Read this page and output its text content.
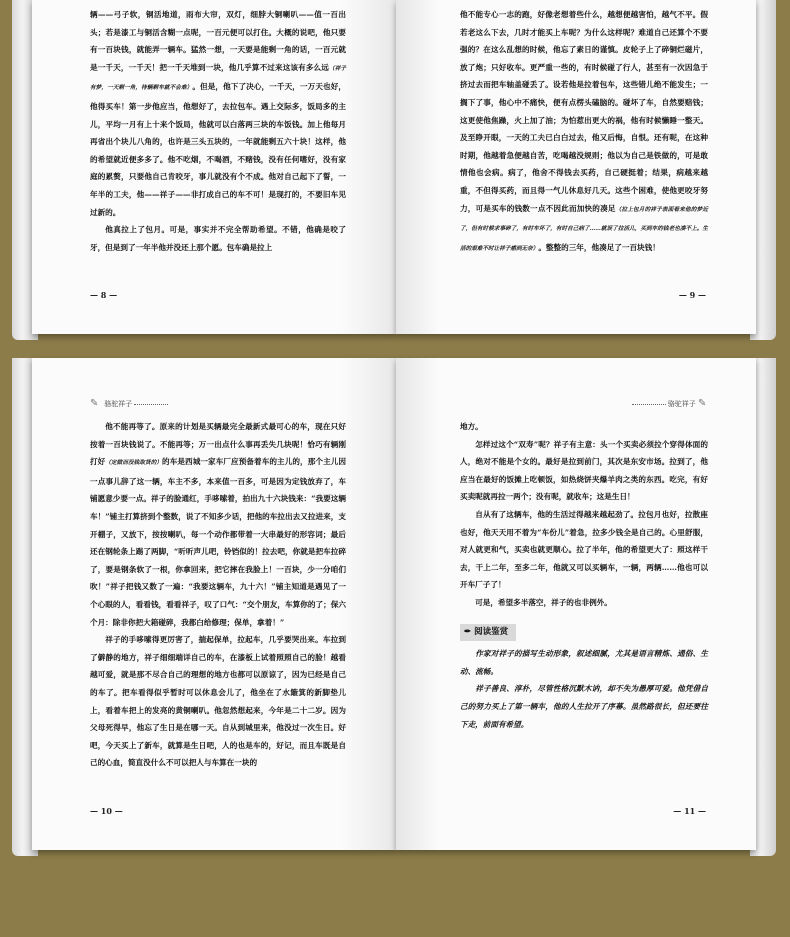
辆——弓子软，铜活地道，雨布大帘，双灯，细脖大铜喇叭——值一百出头；若是漆工与铜活含糊一点呢，一百元便可以打住。大概的说吧，他只要有一百块钱，就能弄一辆车。猛然一想，一天要是能剩一角的话，一百元就是一千天，一千天！把一千天堆到一块，他几乎算不过来这该有多么远（祥子有梦，一天剩一角，待辆剩车就不会难）。但是，他下了决心，一千天，一万天也好，他得买车！第一步他应当，他想好了，去拉包车。遇上交际多，饭局多的主儿，平均一月有上十来个饭局，他就可以白落两三块的车饭钱。加上他每月再省出个块儿八角的，也许是三头五块的，一年就能剩五六十块！这样，他的希望就近便多多了。他不吃烟，不喝酒，不赌钱，没有任何嗜好，没有家庭的累赘，只要他自己肯咬牙，事儿就没有个不成。他对自己起下了誓，一年半的工夫，他——祥子——非打成自己的车不可！是现打的，不要旧车见过新的。

他真拉上了包月。可是，事实并不完全帮助希望。不错，他确是咬了牙，但是到了一年半他并没还上那个愿。包车确是拉上

— 8 —

他不能专心一志的跑，好像老想着些什么，越想便越害怕，越气不平。假若老这么下去，几时才能买上车呢？为什么这样呢？难道自己还算个不要强的？在这么乱想的时候，他忘了素日的谨慎。皮轮子上了碎铜烂磁片，放了炮；只好收车。更严重一些的，有时候碰了行人，甚至有一次因急于挤过去而把车轴盖碰丢了。设若他是拉着包车，这些错儿绝不能发生；一搁下了事，他心中不痛快，便有点楞头磕脑的。碰坏了车，自然要赔钱；这更使他焦躁，火上加了油；为怕惹出更大的祸，他有时候懒睡一整天。及至睁开眼，一天的工夫已白白过去，他又后悔，自恨。还有呢，在这种时期，他越着急便越自苦，吃喝越没规则；他以为自己是铁做的，可是敢情他也会病。病了，他舍不得钱去买药，自己硬挺着；结果，病越来越重，不但得买药，而且得一气儿休息好几天。这些个困难，使他更咬牙努力，可是买车的钱数一点不因此而加快的凑足（拉上包月的祥子表面看来他的梦近了，但有时候求事碎了，有时车坏了，有时自己病了……就误了拉活儿，买到车的钱老也凑不上。生活的艰难不时让祥子感到无奈）。整整的三年，他凑足了一百块钱！

— 9 —
✎ 骆驼祥子

他不能再等了。原来的计划是买辆最完全最新式最可心的车，现在只好按着一百块钱说了。不能再等；万一出点什么事再丢失几块呢！恰巧有辆刚打好（定做而没钱取货的）的车是西城一家车厂应预备着车的主儿的，那个主儿因一点事儿辞了这一辆，车主不多，本来值一百多，可是因为定钱放弃了，车铺愿意少要一点。祥子的脸通红，手哆嗦着，拍出九十六块钱来：“我要这辆车！”铺主打算挤到个整数，说了不知多少话，把他的车拉出去又拉进来，支开棚子，又放下，按按喇叭，每一个动作都带着一大串最好的形容词；最后还在钢轮条上踢了两脚，“听听声儿吧，铃铛似的！拉去吧，你就是把车拉碎了，要是钢条软了一根，你拿回来，把它摔在我脸上！一百块，少一分咱们吹！”祥子把钱又数了一遍：“我要这辆车，九十六！”铺主知道是遇见了一个心眼的人，看看钱，看看祥子，叹了口气：“交个朋友，车算你的了；保六个月：除非你把大箱碰碎，我都白给修理；保单，拿着！”

祥子的手哆嗦得更厉害了，揣起保单，拉起车，几乎要哭出来。车拉到了僻静的地方，祥子细细端详自己的车，在漆板上试着照照自己的脸！越看越可爱，就是那不尽合自己的理想的地方也都可以原谅了，因为已经是自己的车了。把车看得似乎暂时可以休息会儿了，他坐在了水簸箕的新脚垫儿上，看着车把上的发亮的黄铜喇叭。他忽然想起来，今年是二十二岁。因为父母死得早，他忘了生日是在哪一天。自从到城里来，他没过一次生日。好吧，今天买上了新车，就算是生日吧，人的也是车的，好记，而且车既是自己的心血，简直没什么不可以把人与车算在一块的

— 10 —
骆驼祥子 ✎

地方。

怎样过这个“双寿”呢？祥子有主意：头一个买卖必须拉个穿得体面的人，绝对不能是个女的。最好是拉到前门，其次是东安市场。拉到了，他应当在最好的饭摊上吃顿饭，如热烧饼夹爆羊肉之类的东西。吃完，有好买卖呢就再拉一两个；没有呢，就收车；这是生日！

自从有了这辆车，他的生活过得越来越起劲了。拉包月也好，拉散座也好，他天天用不着为“车份儿”着急，拉多少钱全是自己的。心里舒服，对人就更和气，买卖也就更顺心。拉了半年，他的希望更大了：照这样干去，干上二年，至多二年，他就又可以买辆车，一辆，两辆……他也可以开车厂子了！

可是，希望多半落空，祥子的也非例外。

✒ 阅读鉴赏

作家对祥子的描写生动形象，叙述细腻，尤其是语言精炼、通俗、生动、流畅。

祥子善良、淳朴，尽管性格沉默木讷，却不失为愚厚可爱。他凭借自己的努力买上了第一辆车，他的人生拉开了序幕。虽然路很长，但还要往下走，前面有希望。

— 11 —
